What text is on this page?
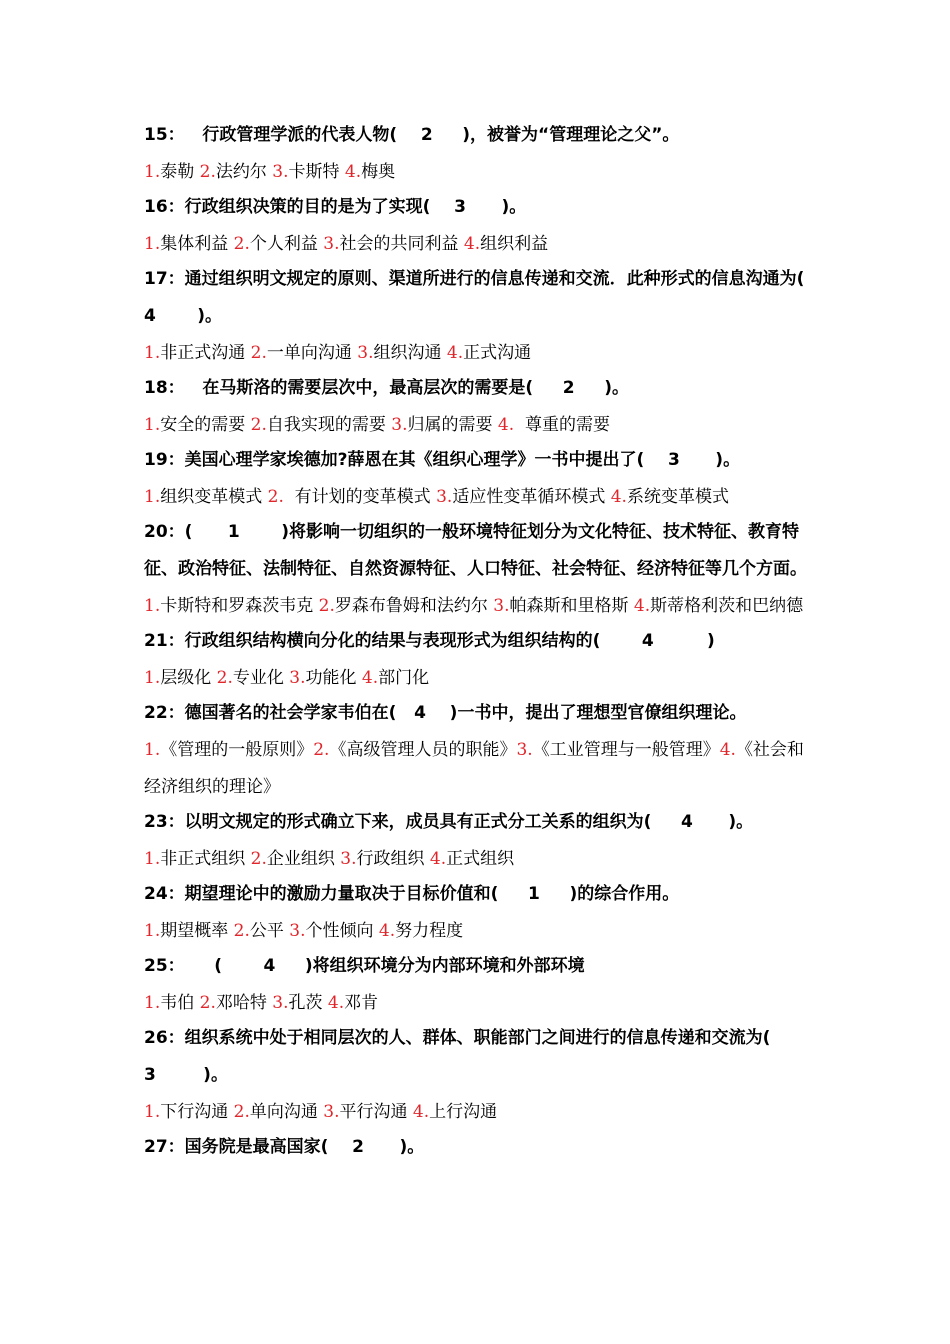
15：   行政管理学派的代表人物(    2     )，被誉为“管理理论之父”。

1.泰勒 2.法约尔 3.卡斯特 4.梅奥

16：行政组织决策的目的是为了实现(    3      )。

1.集体利益 2.个人利益 3.社会的共同利益 4.组织利益

17：通过组织明文规定的原则、渠道所进行的信息传递和交流．此种形式的信息沟通为(      4       )。

1.非正式沟通 2.一单向沟通 3.组织沟通 4.正式沟通

18：   在马斯洛的需要层次中，最高层次的需要是(     2     )。

1.安全的需要 2.自我实现的需要 3.归属的需要 4.  尊重的需要

19：美国心理学家埃德加?薛恩在其《组织心理学》一书中提出了(    3      )。

1.组织变革模式 2.  有计划的变革模式 3.适应性变革循环模式 4.系统变革模式

20：(      1       )将影响一切组织的一般环境特征划分为文化特征、技术特征、教育特征、政治特征、法制特征、自然资源特征、人口特征、社会特征、经济特征等几个方面。

1.卡斯特和罗森茨韦克 2.罗森布鲁姆和法约尔 3.帕森斯和里格斯 4.斯蒂格利茨和巴纳德

21：行政组织结构横向分化的结果与表现形式为组织结构的(       4         )

1.层级化 2.专业化 3.功能化 4.部门化

22：德国著名的社会学家韦伯在(   4    )一书中，提出了理想型官僚组织理论。

1.《管理的一般原则》2.《高级管理人员的职能》3.《工业管理与一般管理》4.《社会和经济组织的理论》

23：以明文规定的形式确立下来，成员具有正式分工关系的组织为(     4      )。

1.非正式组织 2.企业组织 3.行政组织 4.正式组织

24：期望理论中的激励力量取决于目标价值和(     1     )的综合作用。

1.期望概率 2.公平 3.个性倾向 4.努力程度

25：     (       4     )将组织环境分为内部环境和外部环境

1.韦伯 2.邓哈特 3.孔茨 4.邓肯

26：组织系统中处于相同层次的人、群体、职能部门之间进行的信息传递和交流为(      3        )。

1.下行沟通 2.单向沟通 3.平行沟通 4.上行沟通

27：国务院是最高国家(    2      )。
